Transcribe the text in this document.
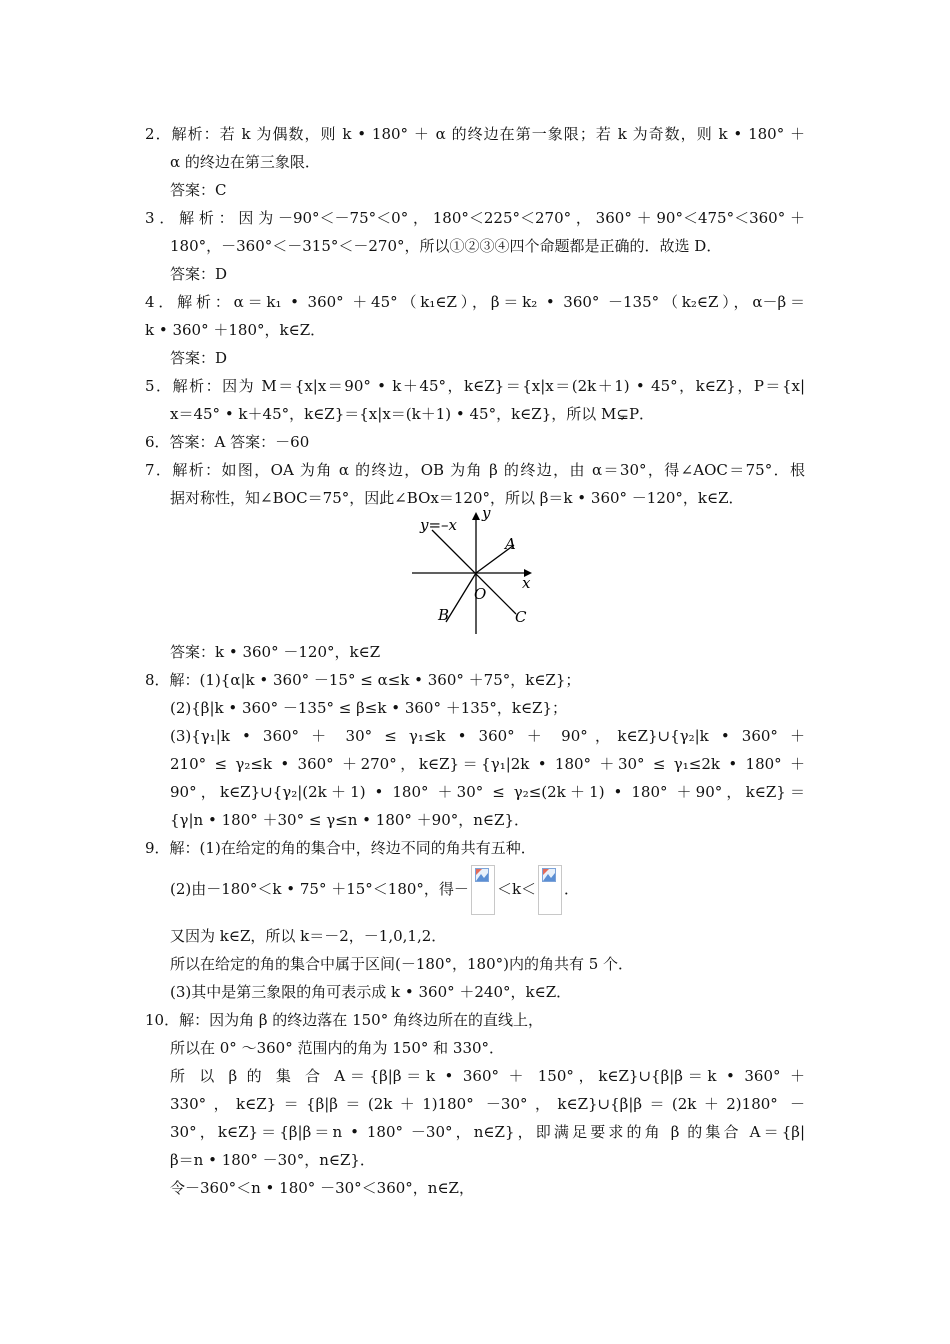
2．解析：若 k 为偶数，则 k • 180° ＋ α 的终边在第一象限；若 k 为奇数，则 k • 180° ＋
α 的终边在第三象限．
答案：C
3．解析：因为－90°＜－75°＜0°，180°＜225°＜270°，360°＋90°＜475°＜360°＋
180°，－360°＜－315°＜－270°，所以①②③④四个命题都是正确的．故选 D．
答案：D
4．解析：α＝k₁ • 360° ＋45°（k₁∈Z），β＝k₂ • 360° －135°（k₂∈Z），α－β＝
k • 360° ＋180°，k∈Z．
答案：D
5．解析：因为 M＝{x|x＝90° • k＋45°，k∈Z}＝{x|x＝(2k＋1) • 45°，k∈Z}，P＝{x|
x＝45° • k＋45°，k∈Z}＝{x|x＝(k＋1) • 45°，k∈Z}，所以 M⊊P．
6．答案：A 答案：－60
7．解析：如图，OA 为角 α 的终边，OB 为角 β 的终边，由 α＝30°，得∠AOC＝75°．根
据对称性，知∠BOC＝75°，因此∠BOx＝120°，所以 β＝k • 360° －120°，k∈Z．
y=–x
y
x
A
B	C
O
答案：k • 360° －120°，k∈Z
8．解：(1){α|k • 360° －15° ≤ α≤k • 360° ＋75°，k∈Z}；
(2){β|k • 360° －135° ≤ β≤k • 360° ＋135°，k∈Z}；
(3){γ₁|k • 360° ＋ 30° ≤ γ₁≤k • 360° ＋ 90°，k∈Z}∪{γ₂|k • 360° ＋
210° ≤ γ₂≤k • 360° ＋270°，k∈Z}＝{γ₁|2k • 180° ＋30° ≤ γ₁≤2k • 180° ＋
90°，k∈Z}∪{γ₂|(2k＋1) • 180° ＋30° ≤ γ₂≤(2k＋1) • 180° ＋90°，k∈Z}＝
{γ|n • 180° ＋30° ≤ γ≤n • 180° ＋90°，n∈Z}．
9．解：(1)在给定的角的集合中，终边不同的角共有五种．
(2)由－180°＜k • 75° ＋15°＜180°，得－ ＜k＜ ．
又因为 k∈Z，所以 k＝－2，－1,0,1,2．
所以在给定的角的集合中属于区间(－180°，180°)内的角共有 5 个．
(3)其中是第三象限的角可表示成 k • 360° ＋240°，k∈Z．
10．解：因为角 β 的终边落在 150° 角终边所在的直线上，
所以在 0° ～360° 范围内的角为 150° 和 330°．
所 以 β 的 集 合 A＝{β|β＝k • 360° ＋ 150°，k∈Z}∪{β|β＝k • 360° ＋
330°，k∈Z}＝{β|β＝(2k＋1)180° －30°，k∈Z}∪{β|β＝(2k＋2)180° －
30°，k∈Z}＝{β|β＝n • 180° －30°，n∈Z}，即满足要求的角 β 的集合 A＝{β|
β＝n • 180° －30°，n∈Z}．
令－360°＜n • 180° －30°＜360°，n∈Z，
